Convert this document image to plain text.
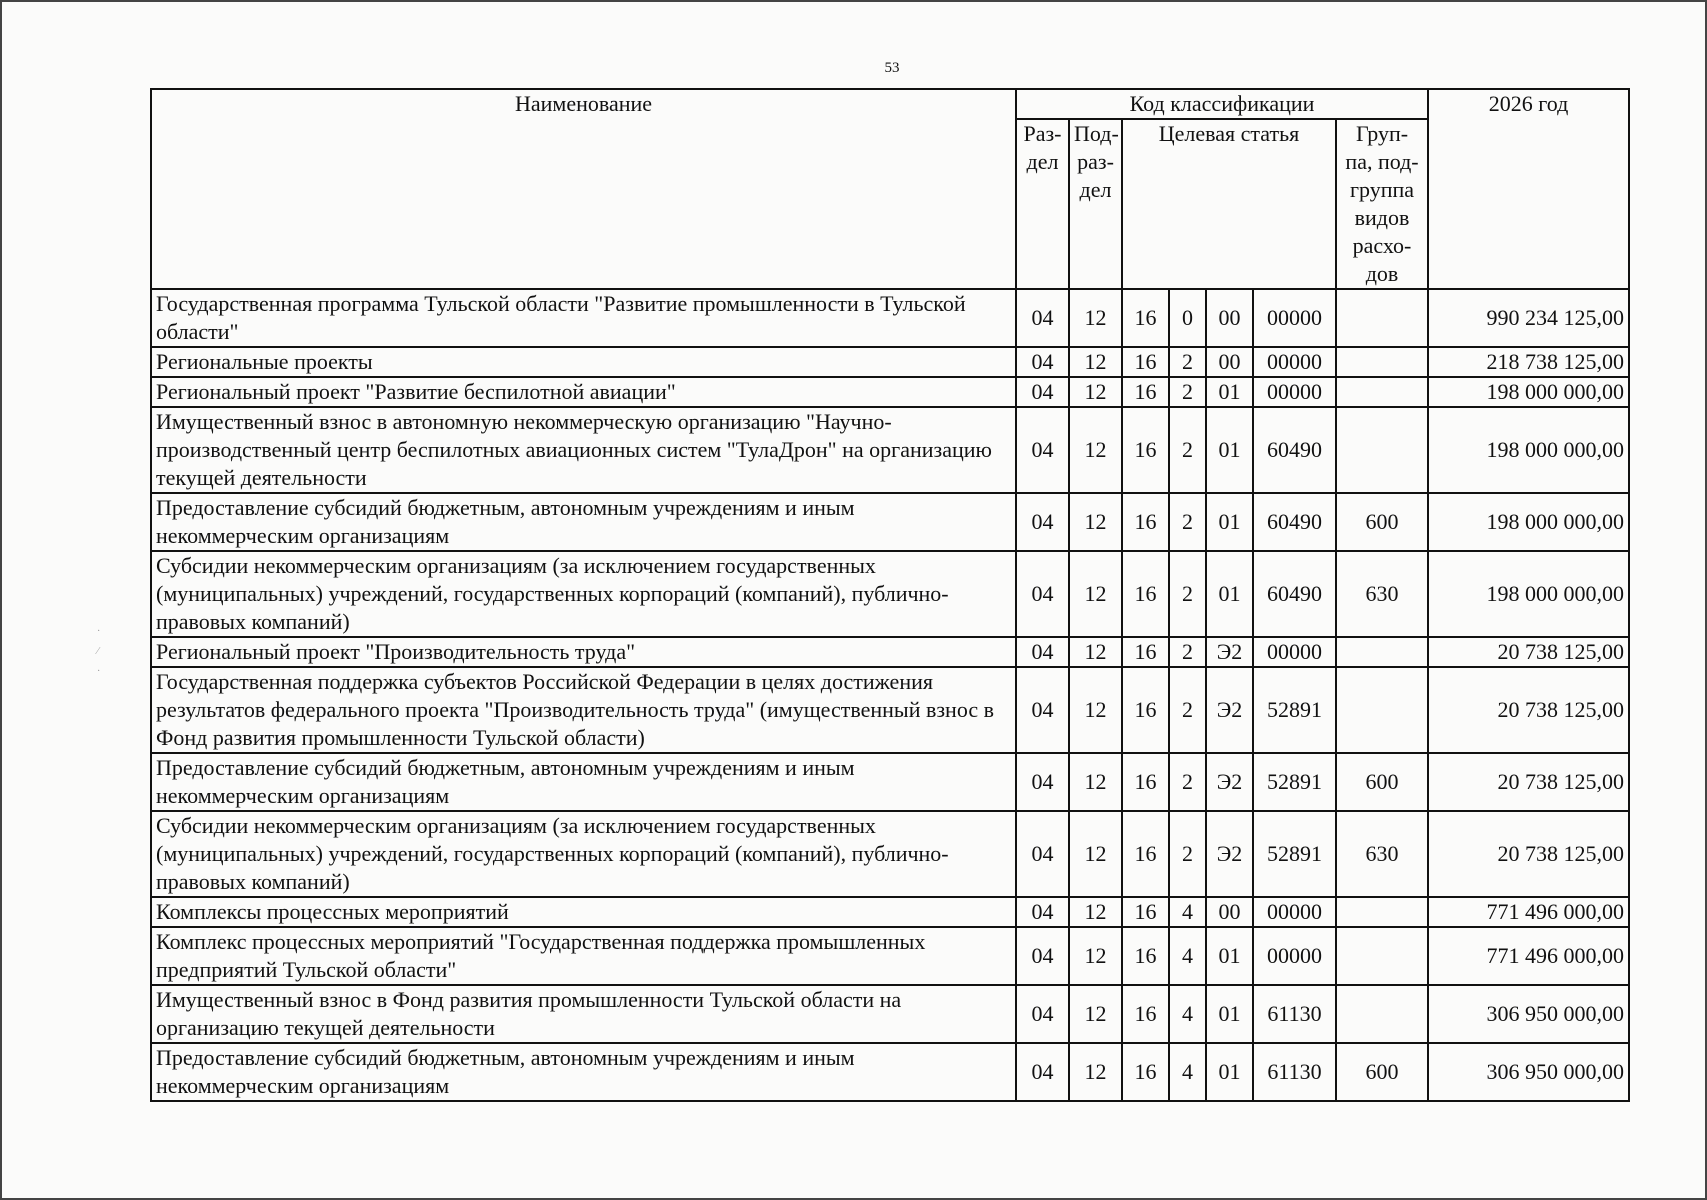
53
Наименование	Код классификации							2026 год
	Раз- дел	Под- раз- дел	Целевая статья				Груп- па, под- группа видов расхо- дов	
Государственная программа Тульской области "Развитие промышленности в Тульской области"	04	12	16	0	00	00000		990 234 125,00
Региональные проекты	04	12	16	2	00	00000		218 738 125,00
Региональный проект "Развитие беспилотной авиации"	04	12	16	2	01	00000		198 000 000,00
Имущественный взнос в автономную некоммерческую организацию "Научно-производственный центр беспилотных авиационных систем "ТулаДрон" на организацию текущей деятельности	04	12	16	2	01	60490		198 000 000,00
Предоставление субсидий бюджетным, автономным учреждениям и иным некоммерческим организациям	04	12	16	2	01	60490	600	198 000 000,00
Субсидии некоммерческим организациям (за исключением государственных (муниципальных) учреждений, государственных корпораций (компаний), публично-правовых компаний)	04	12	16	2	01	60490	630	198 000 000,00
Региональный проект "Производительность труда"	04	12	16	2	Э2	00000		20 738 125,00
Государственная поддержка субъектов Российской Федерации в целях достижения результатов федерального проекта "Производительность труда" (имущественный взнос в Фонд развития промышленности Тульской области)	04	12	16	2	Э2	52891		20 738 125,00
Предоставление субсидий бюджетным, автономным учреждениям и иным некоммерческим организациям	04	12	16	2	Э2	52891	600	20 738 125,00
Субсидии некоммерческим организациям (за исключением государственных (муниципальных) учреждений, государственных корпораций (компаний), публично-правовых компаний)	04	12	16	2	Э2	52891	630	20 738 125,00
Комплексы процессных мероприятий	04	12	16	4	00	00000		771 496 000,00
Комплекс процессных мероприятий "Государственная поддержка промышленных предприятий Тульской области"	04	12	16	4	01	00000		771 496 000,00
Имущественный взнос в Фонд развития промышленности Тульской области на организацию текущей деятельности	04	12	16	4	01	61130		306 950 000,00
Предоставление субсидий бюджетным, автономным учреждениям и иным некоммерческим организациям	04	12	16	4	01	61130	600	306 950 000,00
·
⁄
·
